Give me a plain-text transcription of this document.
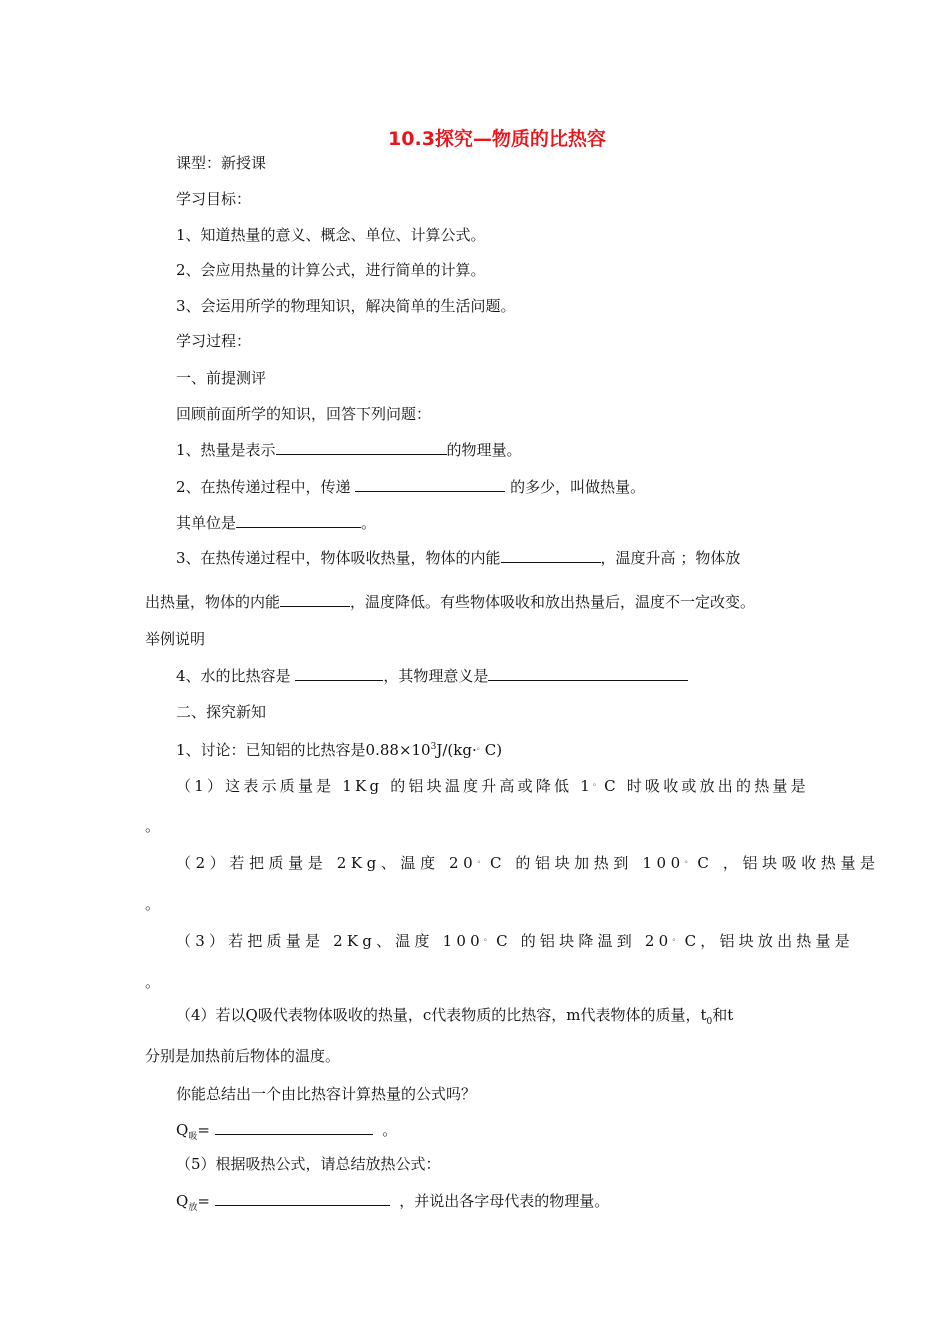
10.3探究—物质的比热容
课型：新授课
学习目标：
1、知道热量的意义、概念、单位、计算公式。
2、会应用热量的计算公式，进行简单的计算。
3、会运用所学的物理知识，解决简单的生活问题。
学习过程：
一、前提测评
回顾前面所学的知识，回答下列问题：
1、热量是表示	的物理量。
2、在热传递过程中，传递	的多少，叫做热量。
其单位是	。
3、在热传递过程中，物体吸收热量，物体的内能	，温度升高 ；物体放
出热量，物体的内能	，温度降低。有些物体吸收和放出热量后，温度不一定改变。
举例说明
4、水的比热容是	，其物理意义是
二、探究新知
1、讨论：已知铝的比热容是$0.88\times 10^3J/(kg\cdot^。C)$
（1）这表示质量是 1Kg 的铝块温度升高或降低 1。C 时吸收或放出的热量是
。
（2）若把质量是 2Kg、温度 20。C 的铝块加热到 100。C ，铝块吸收热量是
。
（3）若把质量是 2Kg、温度 100。C 的铝块降温到 20。C，铝块放出热量是
。
（4）若以Q吸代表物体吸收的热量，c代表物质的比热容，m代表物体的质量，$t_0$和t
分别是加热前后物体的温度。
你能总结出一个由比热容计算热量的公式吗？
$Q_吸=$	。
（5）根据吸热公式，请总结放热公式：
$Q_放=$	，并说出各字母代表的物理量。
